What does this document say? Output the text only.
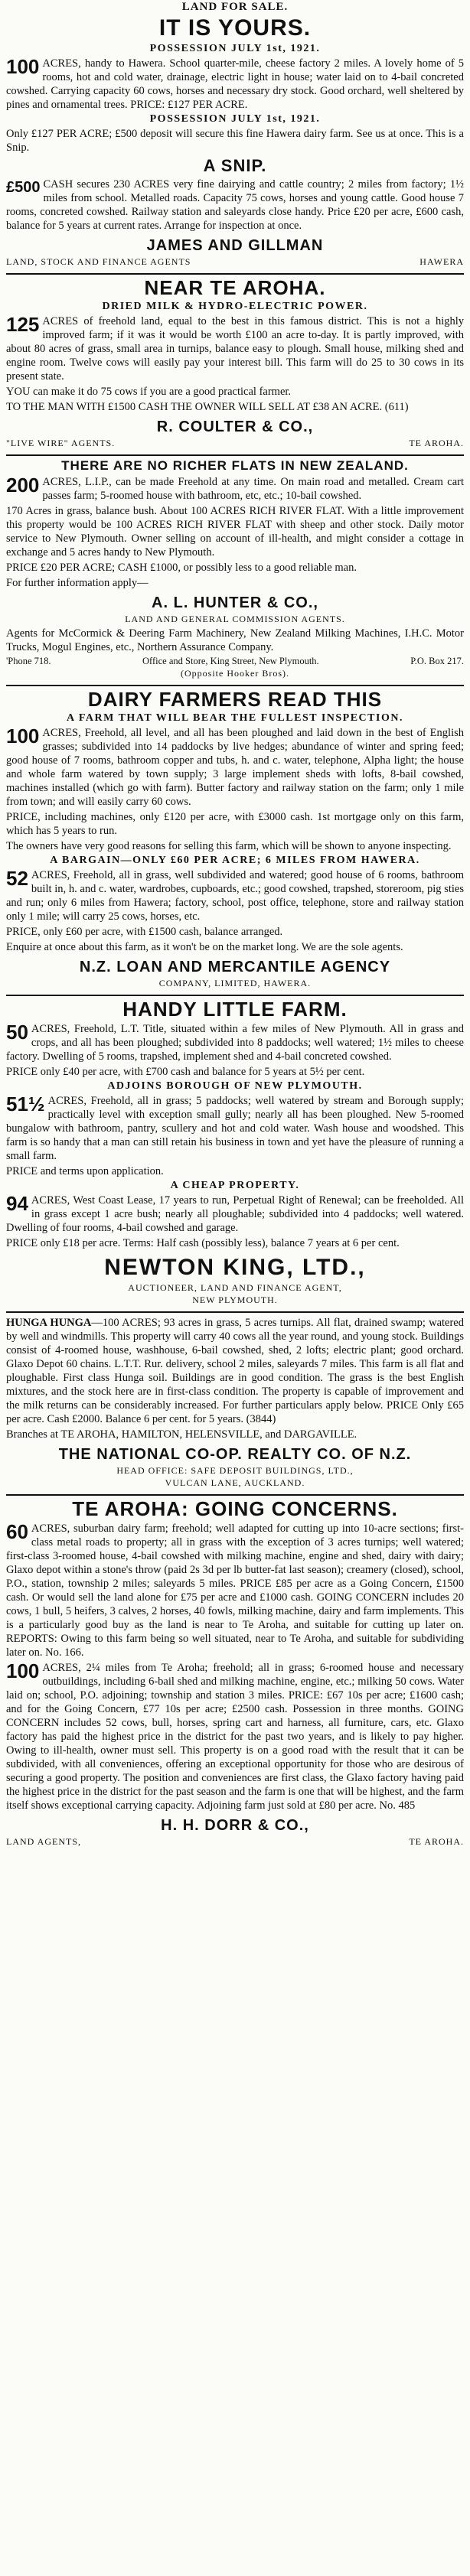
LAND FOR SALE.
IT IS YOURS.
POSSESSION JULY 1st, 1921.

100 ACRES, handy to Hawera. School quarter-mile, cheese factory 2 miles. A lovely home of 5 rooms, hot and cold water, drainage, electric light in house; water laid on to 4-bail concreted cowshed. Carrying capacity 60 cows, horses and necessary dry stock. Good orchard, well sheltered by pines and ornamental trees. PRICE: £127 PER ACRE.

POSSESSION JULY 1st, 1921.

Only £127 PER ACRE; £500 deposit will secure this fine Hawera dairy farm. See us at once. This is a Snip.

A SNIP.

£500 CASH secures 230 ACRES very fine dairying and cattle country; 2 miles from factory; 1½ miles from school. Metalled roads. Capacity 75 cows, horses and young cattle. Good house 7 rooms, concreted cowshed. Railway station and saleyards close handy. Price £20 per acre, £600 cash, balance for 5 years at current rates. Arrange for inspection at once.

JAMES AND GILLMAN
LAND, STOCK AND FINANCE AGENTS	HAWERA
NEAR TE AROHA.
DRIED MILK & HYDRO-ELECTRIC POWER.

125 ACRES of freehold land, equal to the best in this famous district. This is not a highly improved farm; if it was it would be worth £100 an acre to-day. It is partly improved, with about 80 acres of grass, small area in turnips, balance easy to plough. Small house, milking shed and engine room. Twelve cows will easily pay your interest bill. This farm will do 25 to 30 cows in its present state.

YOU can make it do 75 cows if you are a good practical farmer.

TO THE MAN WITH £1500 CASH THE OWNER WILL SELL AT £38 AN ACRE. (611)

R. COULTER & CO.,
"LIVE WIRE" AGENTS.	TE AROHA.
THERE ARE NO RICHER FLATS IN NEW ZEALAND.

200 ACRES, L.I.P., can be made Freehold at any time. On main road and metalled. Cream cart passes farm; 5-roomed house with bathroom, etc, etc.; 10-bail cowshed.

170 Acres in grass, balance bush. About 100 ACRES RICH RIVER FLAT. With a little improvement this property would be 100 ACRES RICH RIVER FLAT with sheep and other stock. Daily motor service to New Plymouth. Owner selling on account of ill-health, and might consider a cottage in exchange and 5 acres handy to New Plymouth.

PRICE £20 PER ACRE; CASH £1000, or possibly less to a good reliable man.

For further information apply—

A. L. HUNTER & CO.,
LAND AND GENERAL COMMISSION AGENTS.

Agents for McCormick & Deering Farm Machinery, New Zealand Milking Machines, I.H.C. Motor Trucks, Mogul Engines, etc., Northern Assurance Company.

'Phone 718.	Office and Store, King Street, New Plymouth.	P.O. Box 217.
(Opposite Hooker Bros).
DAIRY FARMERS READ THIS
A FARM THAT WILL BEAR THE FULLEST INSPECTION.

100 ACRES, Freehold, all level, and all has been ploughed and laid down in the best of English grasses; subdivided into 14 paddocks by live hedges; abundance of winter and spring feed; good house of 7 rooms, bathroom copper and tubs, h. and c. water, telephone, Alpha light; the house and whole farm watered by town supply; 3 large implement sheds with lofts, 8-bail cowshed, machines installed (which go with farm). Butter factory and railway station on the farm; only 1 mile from town; and will easily carry 60 cows.

PRICE, including machines, only £120 per acre, with £3000 cash. 1st mortgage only on this farm, which has 5 years to run.

The owners have very good reasons for selling this farm, which will be shown to anyone inspecting.

A BARGAIN—ONLY £60 PER ACRE; 6 MILES FROM HAWERA.

52 ACRES, Freehold, all in grass, well subdivided and watered; good house of 6 rooms, bathroom built in, h. and c. water, wardrobes, cupboards, etc.; good cowshed, trapshed, storeroom, pig sties and run; only 6 miles from Hawera; factory, school, post office, telephone, store and railway station only 1 mile; will carry 25 cows, horses, etc.

PRICE, only £60 per acre, with £1500 cash, balance arranged.

Enquire at once about this farm, as it won't be on the market long. We are the sole agents.

N.Z. LOAN AND MERCANTILE AGENCY
COMPANY, LIMITED, HAWERA.
HANDY LITTLE FARM.

50 ACRES, Freehold, L.T. Title, situated within a few miles of New Plymouth. All in grass and crops, and all has been ploughed; subdivided into 8 paddocks; well watered; 1½ miles to cheese factory. Dwelling of 5 rooms, trapshed, implement shed and 4-bail concreted cowshed.

PRICE only £40 per acre, with £700 cash and balance for 5 years at 5½ per cent.

ADJOINS BOROUGH OF NEW PLYMOUTH.

51½ ACRES, Freehold, all in grass; 5 paddocks; well watered by stream and Borough supply; practically level with exception small gully; nearly all has been ploughed. New 5-roomed bungalow with bathroom, pantry, scullery and hot and cold water. Wash house and woodshed. This farm is so handy that a man can still retain his business in town and yet have the pleasure of running a small farm.

PRICE and terms upon application.

A CHEAP PROPERTY.

94 ACRES, West Coast Lease, 17 years to run, Perpetual Right of Renewal; can be freeholded. All in grass except 1 acre bush; nearly all ploughable; subdivided into 4 paddocks; well watered. Dwelling of four rooms, 4-bail cowshed and garage.

PRICE only £18 per acre. Terms: Half cash (possibly less), balance 7 years at 6 per cent.

NEWTON KING, LTD.,
AUCTIONEER, LAND AND FINANCE AGENT,
NEW PLYMOUTH.

HUNGA HUNGA—100 ACRES; 93 acres in grass, 5 acres turnips. All flat, drained swamp; watered by well and windmills. This property will carry 40 cows all the year round, and young stock. Buildings consist of 4-roomed house, washhouse, 6-bail cowshed, shed, 2 lofts; electric plant; good orchard. Glaxo Depot 60 chains. L.T.T. Rur. delivery, school 2 miles, saleyards 7 miles. This farm is all flat and ploughable. First class Hunga soil. Buildings are in good condition. The grass is the best English mixtures, and the stock here are in first-class condition. The property is capable of improvement and the milk returns can be considerably increased. For further particulars apply below. PRICE Only £65 per acre. Cash £2000. Balance 6 per cent. for 5 years. (3844)

Branches at TE AROHA, HAMILTON, HELENSVILLE, and DARGAVILLE.

THE NATIONAL CO-OP. REALTY CO. OF N.Z.
HEAD OFFICE: SAFE DEPOSIT BUILDINGS, LTD.,
VULCAN LANE, AUCKLAND.
TE AROHA: GOING CONCERNS.

60 ACRES, suburban dairy farm; freehold; well adapted for cutting up into 10-acre sections; first-class metal roads to property; all in grass with the exception of 3 acres turnips; well watered; first-class 3-roomed house, 4-bail cowshed with milking machine, engine and shed, dairy with dairy; Glaxo depot within a stone's throw (paid 2s 3d per lb butter-fat last season); creamery (closed), school, P.O., station, township 2 miles; saleyards 5 miles. PRICE £85 per acre as a Going Concern, £1500 cash. Or would sell the land alone for £75 per acre and £1000 cash. GOING CONCERN includes 20 cows, 1 bull, 5 heifers, 3 calves, 2 horses, 40 fowls, milking machine, dairy and farm implements. This is a particularly good buy as the land is near to Te Aroha, and suitable for cutting up later on. REPORTS: Owing to this farm being so well situated, near to Te Aroha, and suitable for subdividing later on. No. 166.

100 ACRES, 2¼ miles from Te Aroha; freehold; all in grass; 6-roomed house and necessary outbuildings, including 6-bail shed and milking machine, engine, etc.; milking 50 cows. Water laid on; school, P.O. adjoining; township and station 3 miles. PRICE: £67 10s per acre; £1600 cash; and for the Going Concern, £77 10s per acre; £2500 cash. Possession in three months. GOING CONCERN includes 52 cows, bull, horses, spring cart and harness, all furniture, cars, etc. Glaxo factory has paid the highest price in the district for the past two years, and is likely to pay higher. Owing to ill-health, owner must sell. This property is on a good road with the result that it can be subdivided, with all conveniences, offering an exceptional opportunity for those who are desirous of securing a good property. The position and conveniences are first class, the Glaxo factory having paid the highest price in the district for the past season and the farm is one that will be highest, and the farm itself shows exceptional carrying capacity. Adjoining farm just sold at £80 per acre. No. 485

H. H. DORR & CO.,
LAND AGENTS,	TE AROHA.
